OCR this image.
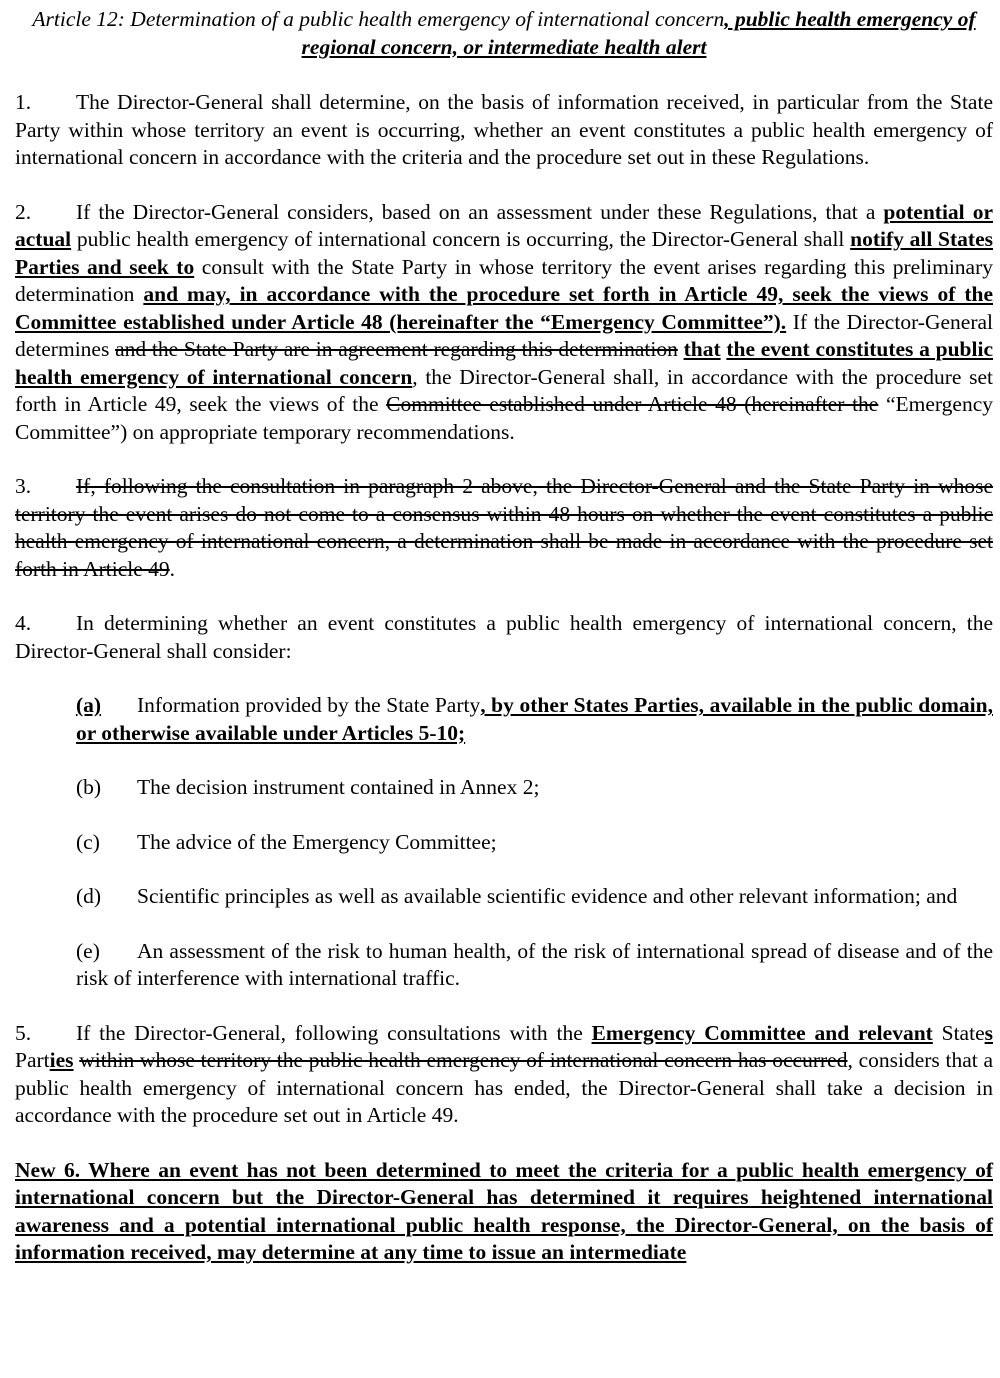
Article 12: Determination of a public health emergency of international concern, public health emergency of regional concern, or intermediate health alert

1. The Director-General shall determine, on the basis of information received, in particular from the State Party within whose territory an event is occurring, whether an event constitutes a public health emergency of international concern in accordance with the criteria and the procedure set out in these Regulations.

2. If the Director-General considers, based on an assessment under these Regulations, that a potential or actual public health emergency of international concern is occurring, the Director-General shall notify all States Parties and seek to consult with the State Party in whose territory the event arises regarding this preliminary determination and may, in accordance with the procedure set forth in Article 49, seek the views of the Committee established under Article 48 (hereinafter the “Emergency Committee”). If the Director-General determines and the State Party are in agreement regarding this determination that the event constitutes a public health emergency of international concern, the Director-General shall, in accordance with the procedure set forth in Article 49, seek the views of the Committee established under Article 48 (hereinafter the “Emergency Committee”) on appropriate temporary recommendations.

3. If, following the consultation in paragraph 2 above, the Director-General and the State Party in whose territory the event arises do not come to a consensus within 48 hours on whether the event constitutes a public health emergency of international concern, a determination shall be made in accordance with the procedure set forth in Article 49.

4. In determining whether an event constitutes a public health emergency of international concern, the Director-General shall consider:

(a) Information provided by the State Party, by other States Parties, available in the public domain, or otherwise available under Articles 5-10;

(b) The decision instrument contained in Annex 2;

(c) The advice of the Emergency Committee;

(d) Scientific principles as well as available scientific evidence and other relevant information; and

(e) An assessment of the risk to human health, of the risk of international spread of disease and of the risk of interference with international traffic.

5. If the Director-General, following consultations with the Emergency Committee and relevant States Parties within whose territory the public health emergency of international concern has occurred, considers that a public health emergency of international concern has ended, the Director-General shall take a decision in accordance with the procedure set out in Article 49.

New 6. Where an event has not been determined to meet the criteria for a public health emergency of international concern but the Director-General has determined it requires heightened international awareness and a potential international public health response, the Director-General, on the basis of information received, may determine at any time to issue an intermediate
